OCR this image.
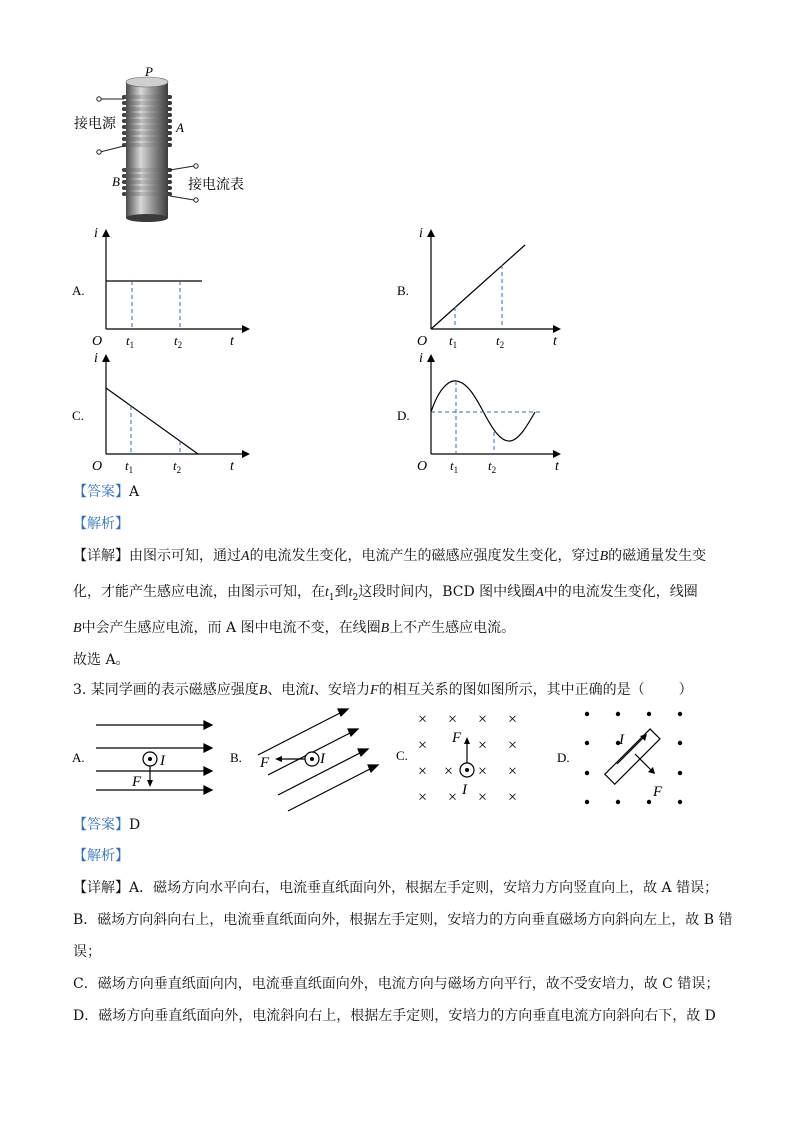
P
A
B
接电源
接电流表
A.
i
O	t
$t_1$	$t_2$
B.
i
O	t
$t_1$	$t_2$
C.
i
O	t
$t_1$	$t_2$
D.
i
O	t
$t_1$ $t_2$
【答案】A
【解析】
【详解】由图示可知，通过A的电流发生变化，电流产生的磁感应强度发生变化，穿过B的磁通量发生变
化，才能产生感应电流，由图示可知，在$t_1$到$t_2$这段时间内，BCD 图中线圈A中的电流发生变化，线圈
B中会产生感应电流，而 A 图中电流不变，在线圈B上不产生感应电流。
故选 A。
3. 某同学画的表示磁感应强度B、电流I、安培力F的相互关系的图如图所示，其中正确的是（ ）
A.	I
F
B.	I
F	C.
× × × ×
×	× ×
× × × ×
× × × ×
F
I
D.
I
F
【答案】D
【解析】
【详解】A．磁场方向水平向右，电流垂直纸面向外，根据左手定则，安培力方向竖直向上，故 A 错误；
B．磁场方向斜向右上，电流垂直纸面向外，根据左手定则，安培力的方向垂直磁场方向斜向左上，故 B 错
误；
C．磁场方向垂直纸面向内，电流垂直纸面向外，电流方向与磁场方向平行，故不受安培力，故 C 错误；
D．磁场方向垂直纸面向外，电流斜向右上，根据左手定则，安培力的方向垂直电流方向斜向右下，故 D
